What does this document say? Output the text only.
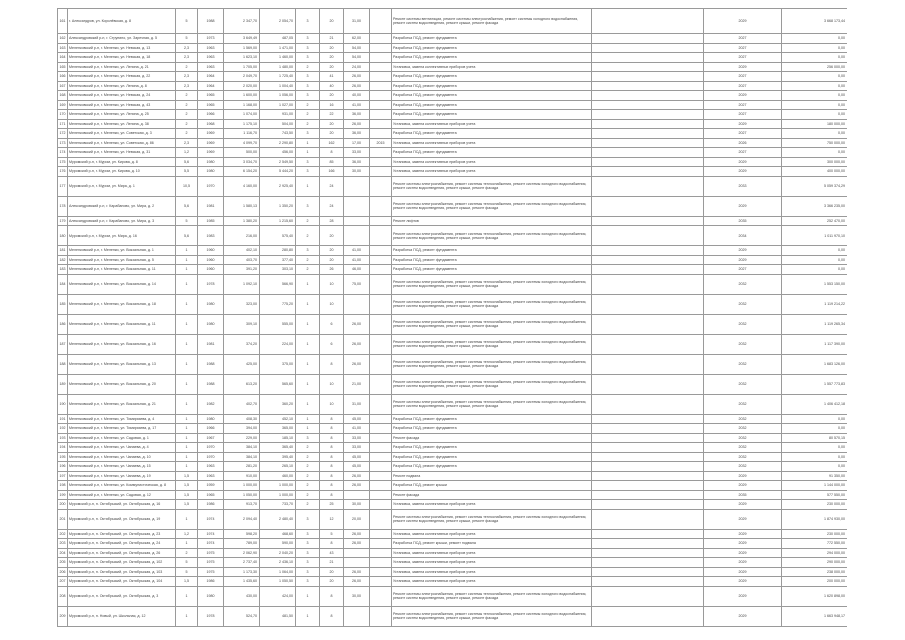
161	г. Александров, ул. Королёвская, д. 8	5	1988	2 347,70	2 054,70	3	20	31,00		Ремонт системы вентиляции, ремонт системы электроснабжения, ремонт системы холодного водоснабжения, ремонт систем водоотведения, ремонт крыши, ремонт фасада		2029	3 668 173,44
162	Александровский р-н, г. Струнино, ул. Заречная, д. 5	5	1973	3 649,49	487,05	3	21	62,00		Разработка ПСД, ремонт фундамента		2027	0,00
163	Меленковский р-н, г. Меленки, ул. Невская, д. 13	2,3	1963	1 569,00	1 471,00	3	20	54,00		Разработка ПСД, ремонт фундамента		2027	0,00
164	Меленковский р-н, г. Меленки, ул. Невская, д. 18	2,3	1963	1 623,10	1 460,00	3	20	54,00		Разработка ПСД, ремонт фундамента		2027	0,00
165	Меленковский р-н, г. Меленки, ул. Ленина, д. 21	2	1963	1 705,00	1 480,00	2	20	24,00		Установка, замена коллективных приборов учета		2029	256 000,00
166	Меленковский р-н, г. Меленки, ул. Невская, д. 22	2,3	1964	2 049,70	1 725,40	3	41	26,00		Разработка ПСД, ремонт фундамента		2027	0,00
167	Меленковский р-н, г. Меленки, ул. Ленина, д. 8	2,3	1964	2 020,00	1 004,40	3	40	26,00		Разработка ПСД, ремонт фундамента		2027	0,00
168	Меленковский р-н, г. Меленки, ул. Невская, д. 24	2	1965	1 600,00	1 056,00	3	20	40,00		Разработка ПСД, ремонт фундамента		2029	0,00
169	Меленковский р-н, г. Меленки, ул. Невская, д. 43	2	1965	1 168,00	1 027,00	2	16	41,00		Разработка ПСД, ремонт фундамента		2027	0,00
170	Меленковский р-н, г. Меленки, ул. Ленина, д. 25	2	1966	1 074,00	931,00	2	22	36,00		Разработка ПСД, ремонт фундамента		2027	0,00
171	Меленковский р-н, г. Меленки, ул. Ленина, д. 38	2	1968	1 175,10	504,00	2	20	26,00		Установка, замена коллективных приборов учета		2029	180 000,00
172	Меленковский р-н, г. Меленки, ул. Советская, д. 3	2	1969	1 116,70	743,50	3	20	36,00		Разработка ПСД, ремонт фундамента		2027	0,00
173	Меленковский р-н, г. Меленки, ул. Советская, д. 86	2,3	1969	4 099,70	2 290,80	1	162	17,00	2015	Установка, замена коллективных приборов учета		2026	750 000,00
174	Меленковский р-н, г. Меленки, ул. Невская, д. 31	1,2	1969	500,00	456,00	1	8	33,00		Разработка ПСД, ремонт фундамента		2027	0,00
175	Муромский р-н, г. Муром, ул. Кирова, д. 8	5,6	1980	3 034,70	2 549,50	3	85	36,00		Установка, замена коллективных приборов учета		2029	300 000,00
176	Муромский р-н, г. Муром, ул. Кирова, д. 10	5,5	1980	6 154,20	5 444,20	3	166	30,00		Установка, замена коллективных приборов учета		2029	400 000,00
177	Муромский р-н, г. Муром, ул. Мира, д. 1	10,5	1970	4 160,00	2 925,40	1	24			Ремонт системы электроснабжения, ремонт системы теплоснабжения, ремонт системы холодного водоснабжения, ремонт систем водоотведения, ремонт крыши, ремонт фасада		2033	5 059 374,29
178	Александровский р-н, г. Карабаново, ул. Мира, д. 2	5,6	1981	1 580,13	1 350,20	3	24			Ремонт системы электроснабжения, ремонт системы теплоснабжения, ремонт системы холодного водоснабжения, ремонт систем водоотведения, ремонт крыши, ремонт фасада		2029	3 366 235,00
179	Александровский р-н, г. Карабаново, ул. Мира, д. 3	5	1985	1 380,20	1 215,60	2	28			Ремонт лифтов		2035	252 470,00
180	Муромский р-н, г. Муром, ул. Мира, д. 16	5,6	1983	216,00	575,40	2	20			Ремонт системы электроснабжения, ремонт системы теплоснабжения, ремонт системы холодного водоснабжения, ремонт систем водоотведения, ремонт крыши, ремонт фасада		2034	1 011 970,10
181	Меленковский р-н, г. Меленки, ул. Вокзальная, д. 1	1	1960	402,10	280,80	3	20	41,00		Разработка ПСД, ремонт фундамента		2029	0,00
182	Меленковский р-н, г. Меленки, ул. Вокзальная, д. 5	1	1960	403,70	377,40	2	20	41,00		Разработка ПСД, ремонт фундамента		2029	0,00
183	Меленковский р-н, г. Меленки, ул. Вокзальная, д. 11	1	1960	391,20	303,10	2	26	46,00		Разработка ПСД, ремонт фундамента		2027	0,00
184	Меленковский р-н, г. Меленки, ул. Вокзальная, д. 14	1	1978	1 092,10	566,90	1	10	75,00		Ремонт системы электроснабжения, ремонт системы теплоснабжения, ремонт системы холодного водоснабжения, ремонт систем водоотведения, ремонт крыши, ремонт фасада		2032	1 553 150,00
185	Меленковский р-н, г. Меленки, ул. Вокзальная, д. 18	1	1980	323,00	775,20	1	10			Ремонт системы электроснабжения, ремонт системы теплоснабжения, ремонт системы холодного водоснабжения, ремонт систем водоотведения, ремонт крыши, ремонт фасада		2032	1 119 214,22
186	Меленковский р-н, г. Меленки, ул. Вокзальная, д. 11	1	1980	309,10	555,00	1	6	26,00		Ремонт системы электроснабжения, ремонт системы теплоснабжения, ремонт системы холодного водоснабжения, ремонт систем водоотведения, ремонт крыши, ремонт фасада		2032	1 119 265,34
187	Меленковский р-н, г. Меленки, ул. Вокзальная, д. 16	1	1981	374,20	224,00	1	6	26,00		Ремонт системы электроснабжения, ремонт системы теплоснабжения, ремонт системы холодного водоснабжения, ремонт систем водоотведения, ремонт крыши, ремонт фасада		2032	1 117 390,00
188	Меленковский р-н, г. Меленки, ул. Вокзальная, д. 13	1	1988	425,00	375,00	1	8	26,00		Ремонт системы электроснабжения, ремонт системы теплоснабжения, ремонт системы холодного водоснабжения, ремонт систем водоотведения, ремонт крыши, ремонт фасада		2032	1 683 126,00
189	Меленковский р-н, г. Меленки, ул. Вокзальная, д. 20	1	1988	613,20	565,60	1	10	21,00		Ремонт системы электроснабжения, ремонт системы теплоснабжения, ремонт системы холодного водоснабжения, ремонт систем водоотведения, ремонт крыши, ремонт фасада		2032	1 557 773,83
190	Меленковский р-н, г. Меленки, ул. Вокзальная, д. 21	1	1982	402,70	360,20	1	10	31,00		Ремонт системы электроснабжения, ремонт системы теплоснабжения, ремонт системы холодного водоснабжения, ремонт систем водоотведения, ремонт крыши, ремонт фасада		2032	1 406 412,18
191	Меленковский р-н, г. Меленки, ул. Тимирязева, д. 4	1	1980	408,30	452,10	1	8	45,00		Разработка ПСД, ремонт фундамента		2032	0,00
192	Меленковский р-н, г. Меленки, ул. Тимирязева, д. 17	1	1966	394,00	365,00	1	8	41,00		Разработка ПСД, ремонт фундамента		2032	0,00
193	Меленковский р-н, г. Меленки, ул. Садовая, д. 1	1	1967	229,00	185,10	3	8	33,00		Ремонт фасада		2032	80 570,15
194	Меленковский р-н, г. Меленки, ул. Чапаева, д. 4	1	1970	384,10	365,40	2	8	33,00		Разработка ПСД, ремонт фундамента		2032	0,00
195	Меленковский р-н, г. Меленки, ул. Чапаева, д. 10	1	1970	384,10	395,40	2	8	45,00		Разработка ПСД, ремонт фундамента		2032	0,00
196	Меленковский р-н, г. Меленки, ул. Чапаева, д. 15	1	1963	281,20	265,10	2	8	45,00		Разработка ПСД, ремонт фундамента		2032	0,00
197	Меленковский р-н, г. Меленки, ул. Чапаева, д. 19	1,5	1963	910,00	460,00	2	8	26,00		Ремонт подвала		2029	91 350,00
198	Меленковский р-н, г. Меленки, ул. Коммунистическая, д. 8	1,5	1959	1 000,00	1 000,00	2	8	26,00		Разработка ПСД, ремонт крыши		2029	1 144 000,00
199	Меленковский р-н, г. Меленки, ул. Садовая, д. 12	1,5	1965	1 050,00	1 000,00	2	8			Ремонт фасада		2035	577 550,00
200	Муромский р-н, п. Октябрьский, ул. Октябрьская, д. 16	1,5	1986	913,70	733,70	2	25	30,00		Установка, замена коллективных приборов учета		2029	230 000,00
201	Муромский р-н, п. Октябрьский, ул. Октябрьская, д. 19	1	1974	2 094,40	2 480,40	3	12	20,00		Ремонт системы электроснабжения, ремонт системы теплоснабжения, ремонт системы холодного водоснабжения, ремонт систем водоотведения, ремонт крыши, ремонт фасада		2029	1 874 930,00
202	Муромский р-н, п. Октябрьский, ул. Октябрьская, д. 23	1,2	1974	598,20	468,60	3	5	26,00		Установка, замена коллективных приборов учета		2029	230 000,00
203	Муромский р-н, п. Октябрьский, ул. Октябрьская, д. 24	1	1974	789,00	590,00	3	8	26,00		Разработка ПСД, ремонт крыши, ремонт подвала		2029	772 550,00
204	Муромский р-н, п. Октябрьский, ул. Октябрьская, д. 26	2	1975	2 062,90	2 040,20	3	43			Установка, замена коллективных приборов учета		2029	294 000,00
205	Муромский р-н, п. Октябрьский, ул. Октябрьская, д. 102	5	1975	2 737,40	2 436,10	3	21			Установка, замена коллективных приборов учета		2029	290 000,00
206	Муромский р-н, п. Октябрьский, ул. Октябрьская, д. 103	5	1975	1 173,30	1 064,00	3	20	26,00		Установка, замена коллективных приборов учета		2029	238 000,00
207	Муромский р-н, п. Октябрьский, ул. Октябрьская, д. 104	1,5	1986	1 435,60	1 050,50	3	20	26,00		Установка, замена коллективных приборов учета		2029	200 000,00
208	Муромский р-н, п. Октябрьский, ул. Октябрьская, д. 3	1	1980	430,00	424,00	1	8	30,00		Ремонт системы электроснабжения, ремонт системы теплоснабжения, ремонт системы холодного водоснабжения, ремонт систем водоотведения, ремонт крыши, ремонт фасада		2029	1 620 898,00
209	Муромский р-н, п. Новый, ул. Школьная, д. 12	1	1978	524,70	481,50	1	8			Ремонт системы электроснабжения, ремонт системы теплоснабжения, ремонт системы холодного водоснабжения, ремонт систем водоотведения, ремонт крыши, ремонт фасада		2029	1 663 948,17
